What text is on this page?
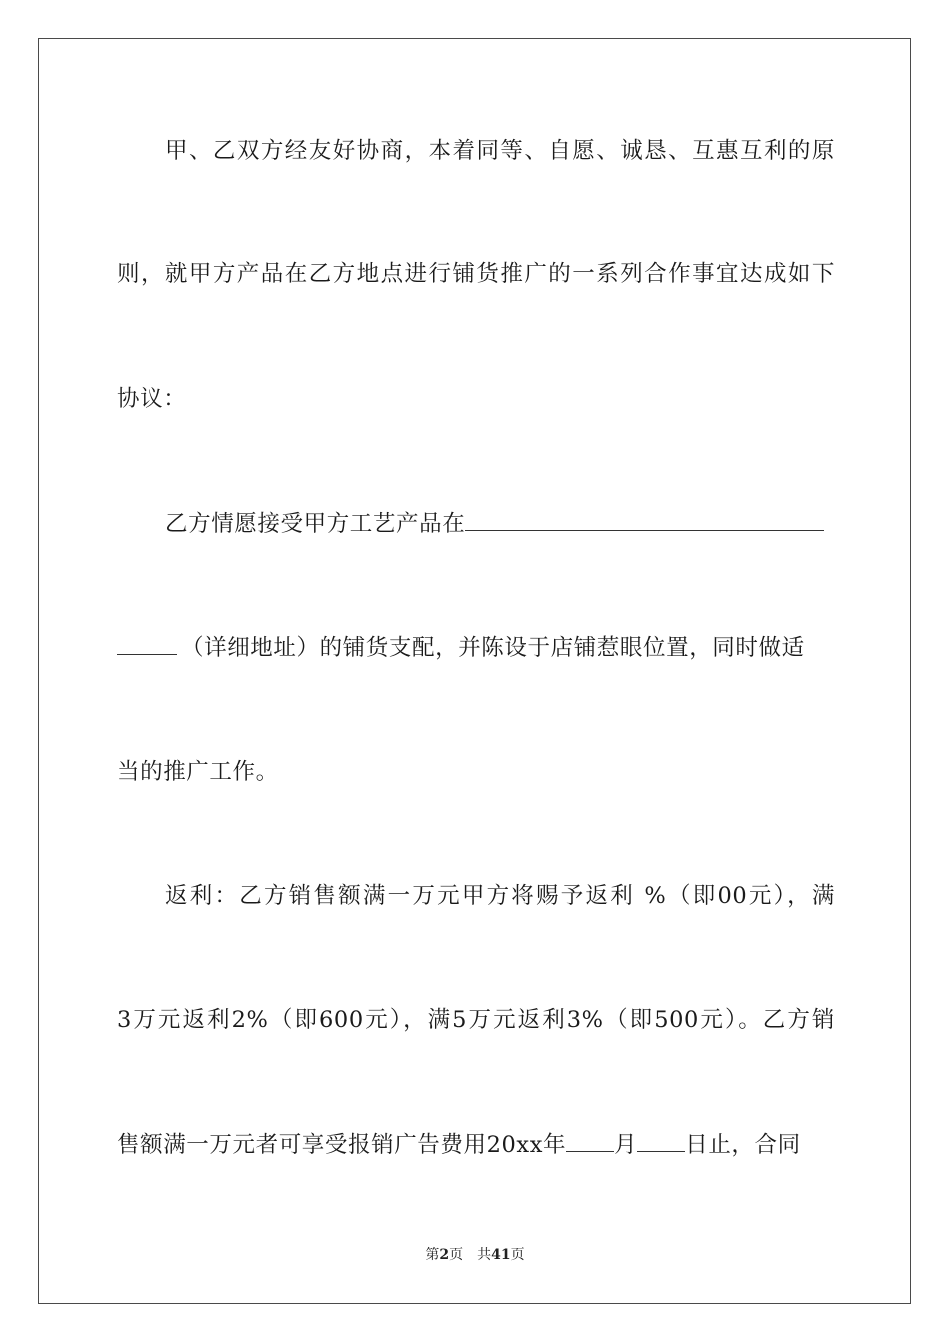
甲、乙双方经友好协商，本着同等、自愿、诚恳、互惠互利的原
则，就甲方产品在乙方地点进行铺货推广的一系列合作事宜达成如下
协议：
乙方情愿接受甲方工艺产品在
（详细地址）的铺货支配，并陈设于店铺惹眼位置，同时做适
当的推广工作。
返利：乙方销售额满一万元甲方将赐予返利 %（即00元），满
3万元返利2%（即600元），满5万元返利3%（即500元）。乙方销
售额满一万元者可享受报销广告费用20xx年 月 日止，合同
第2页 共41页
